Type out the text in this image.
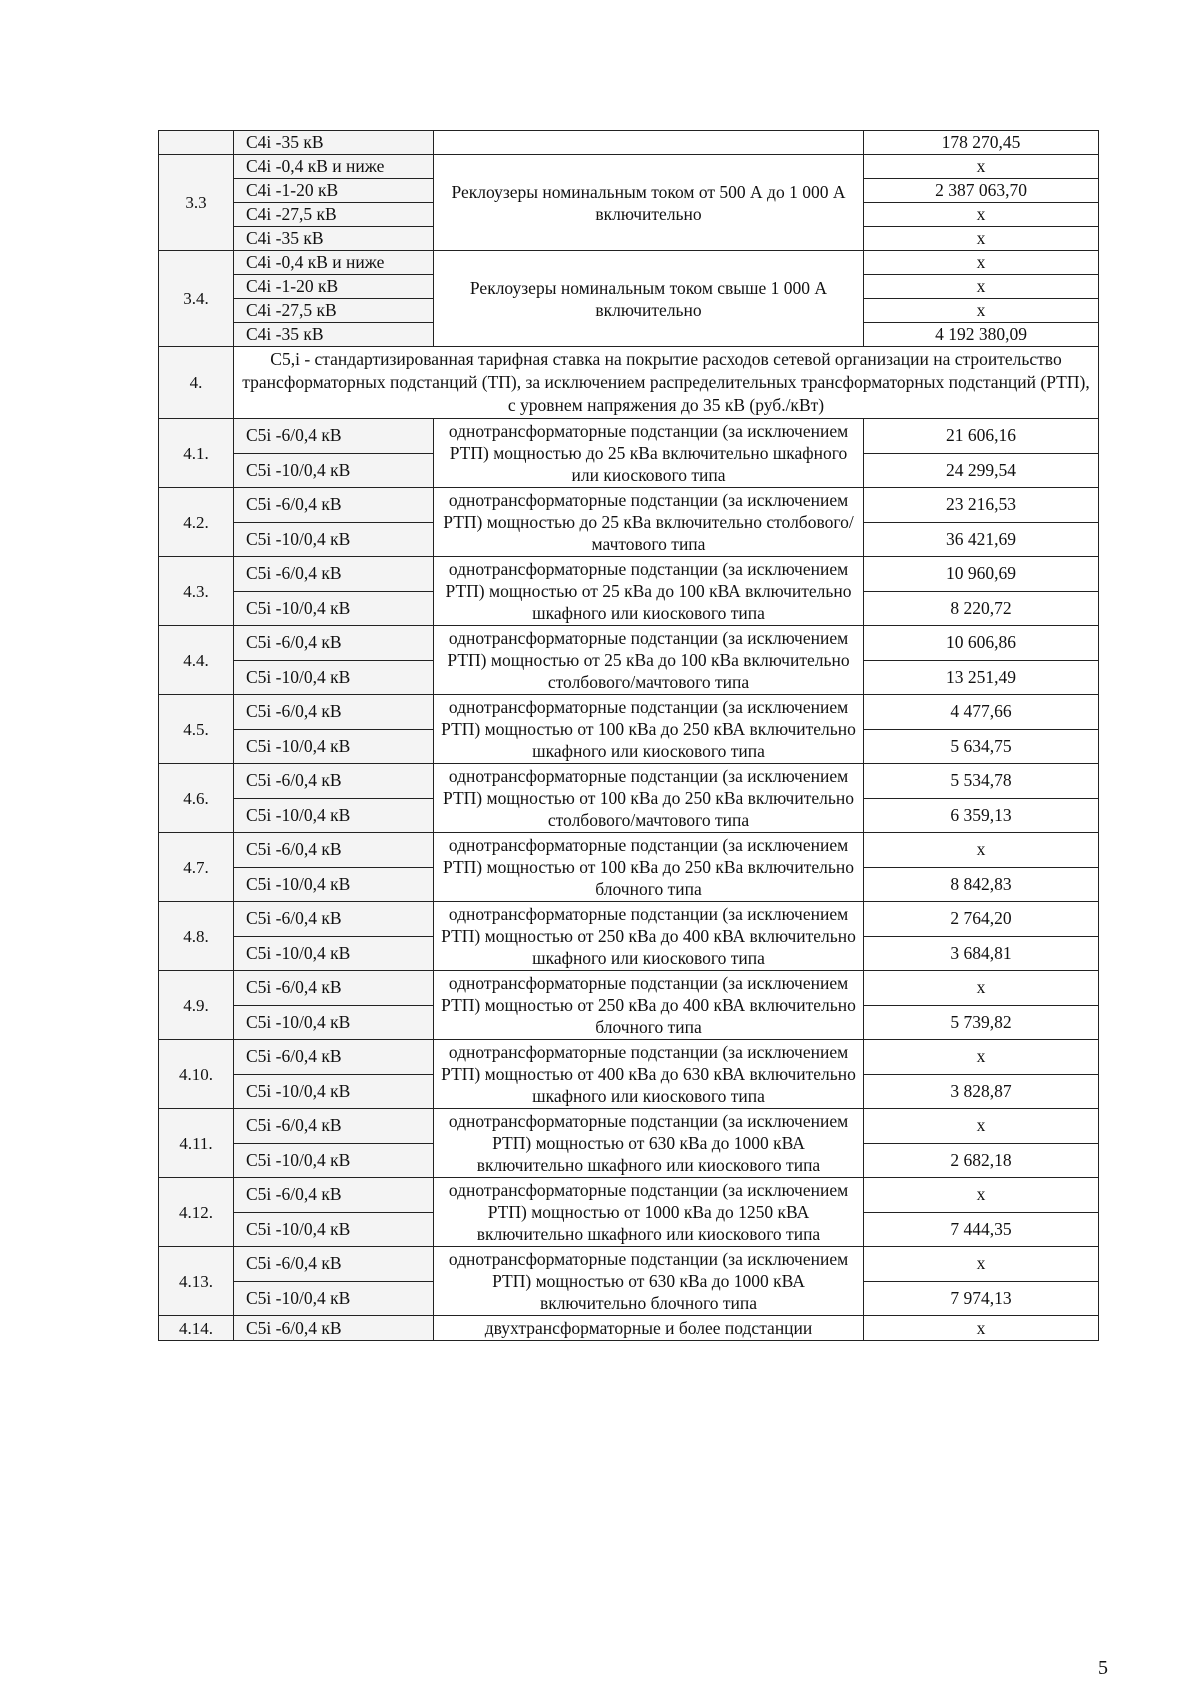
	C4i -35 кВ		178 270,45
3.3	C4i -0,4 кВ и ниже	Реклоузеры номинальным током от 500 А до 1 000 А включительно	x
	C4i -1-20 кВ		2 387 063,70
	C4i -27,5 кВ		x
	C4i -35 кВ		x
3.4.	C4i -0,4 кВ и ниже	Реклоузеры номинальным током свыше 1 000 А включительно	x
	C4i -1-20 кВ		x
	C4i -27,5 кВ		x
	C4i -35 кВ		4 192 380,09
4.	C5,i - стандартизированная тарифная ставка на покрытие расходов сетевой организации на строительство трансформаторных подстанций (ТП), за исключением распределительных трансформаторных подстанций (РТП), с уровнем напряжения до 35 кВ (руб./кВт)		
4.1.	C5i -6/0,4 кВ	однотрансформаторные подстанции (за исключением РТП) мощностью до 25 кВа включительно шкафного или киоскового типа	21 606,16
	C5i -10/0,4 кВ		24 299,54
4.2.	C5i -6/0,4 кВ	однотрансформаторные подстанции (за исключением РТП) мощностью до 25 кВа включительно столбового/мачтового типа	23 216,53
	C5i -10/0,4 кВ		36 421,69
4.3.	C5i -6/0,4 кВ	однотрансформаторные подстанции (за исключением РТП) мощностью от 25 кВа до 100 кВА включительно шкафного или киоскового типа	10 960,69
	C5i -10/0,4 кВ		8 220,72
4.4.	C5i -6/0,4 кВ	однотрансформаторные подстанции (за исключением РТП) мощностью от 25 кВа до 100 кВа включительно столбового/мачтового типа	10 606,86
	C5i -10/0,4 кВ		13 251,49
4.5.	C5i -6/0,4 кВ	однотрансформаторные подстанции (за исключением РТП) мощностью от 100 кВа до 250 кВА включительно шкафного или киоскового типа	4 477,66
	C5i -10/0,4 кВ		5 634,75
4.6.	C5i -6/0,4 кВ	однотрансформаторные подстанции (за исключением РТП) мощностью от 100 кВа до 250 кВа включительно столбового/мачтового типа	5 534,78
	C5i -10/0,4 кВ		6 359,13
4.7.	C5i -6/0,4 кВ	однотрансформаторные подстанции (за исключением РТП) мощностью от 100 кВа до 250 кВа включительно блочного типа	x
	C5i -10/0,4 кВ		8 842,83
4.8.	C5i -6/0,4 кВ	однотрансформаторные подстанции (за исключением РТП) мощностью от 250 кВа до 400 кВА включительно шкафного или киоскового типа	2 764,20
	C5i -10/0,4 кВ		3 684,81
4.9.	C5i -6/0,4 кВ	однотрансформаторные подстанции (за исключением РТП) мощностью от 250 кВа до 400 кВА включительно блочного типа	x
	C5i -10/0,4 кВ		5 739,82
4.10.	C5i -6/0,4 кВ	однотрансформаторные подстанции (за исключением РТП) мощностью от 400 кВа до 630 кВА включительно шкафного или киоскового типа	x
	C5i -10/0,4 кВ		3 828,87
4.11.	C5i -6/0,4 кВ	однотрансформаторные подстанции (за исключением РТП) мощностью от 630 кВа до 1000 кВА включительно шкафного или киоскового типа	x
	C5i -10/0,4 кВ		2 682,18
4.12.	C5i -6/0,4 кВ	однотрансформаторные подстанции (за исключением РТП) мощностью от 1000 кВа до 1250 кВА включительно шкафного или киоскового типа	x
	C5i -10/0,4 кВ		7 444,35
4.13.	C5i -6/0,4 кВ	однотрансформаторные подстанции (за исключением РТП) мощностью от 630 кВа до 1000 кВА включительно блочного типа	x
	C5i -10/0,4 кВ		7 974,13
4.14.	C5i -6/0,4 кВ	двухтрансформаторные и более подстанции	x
5
